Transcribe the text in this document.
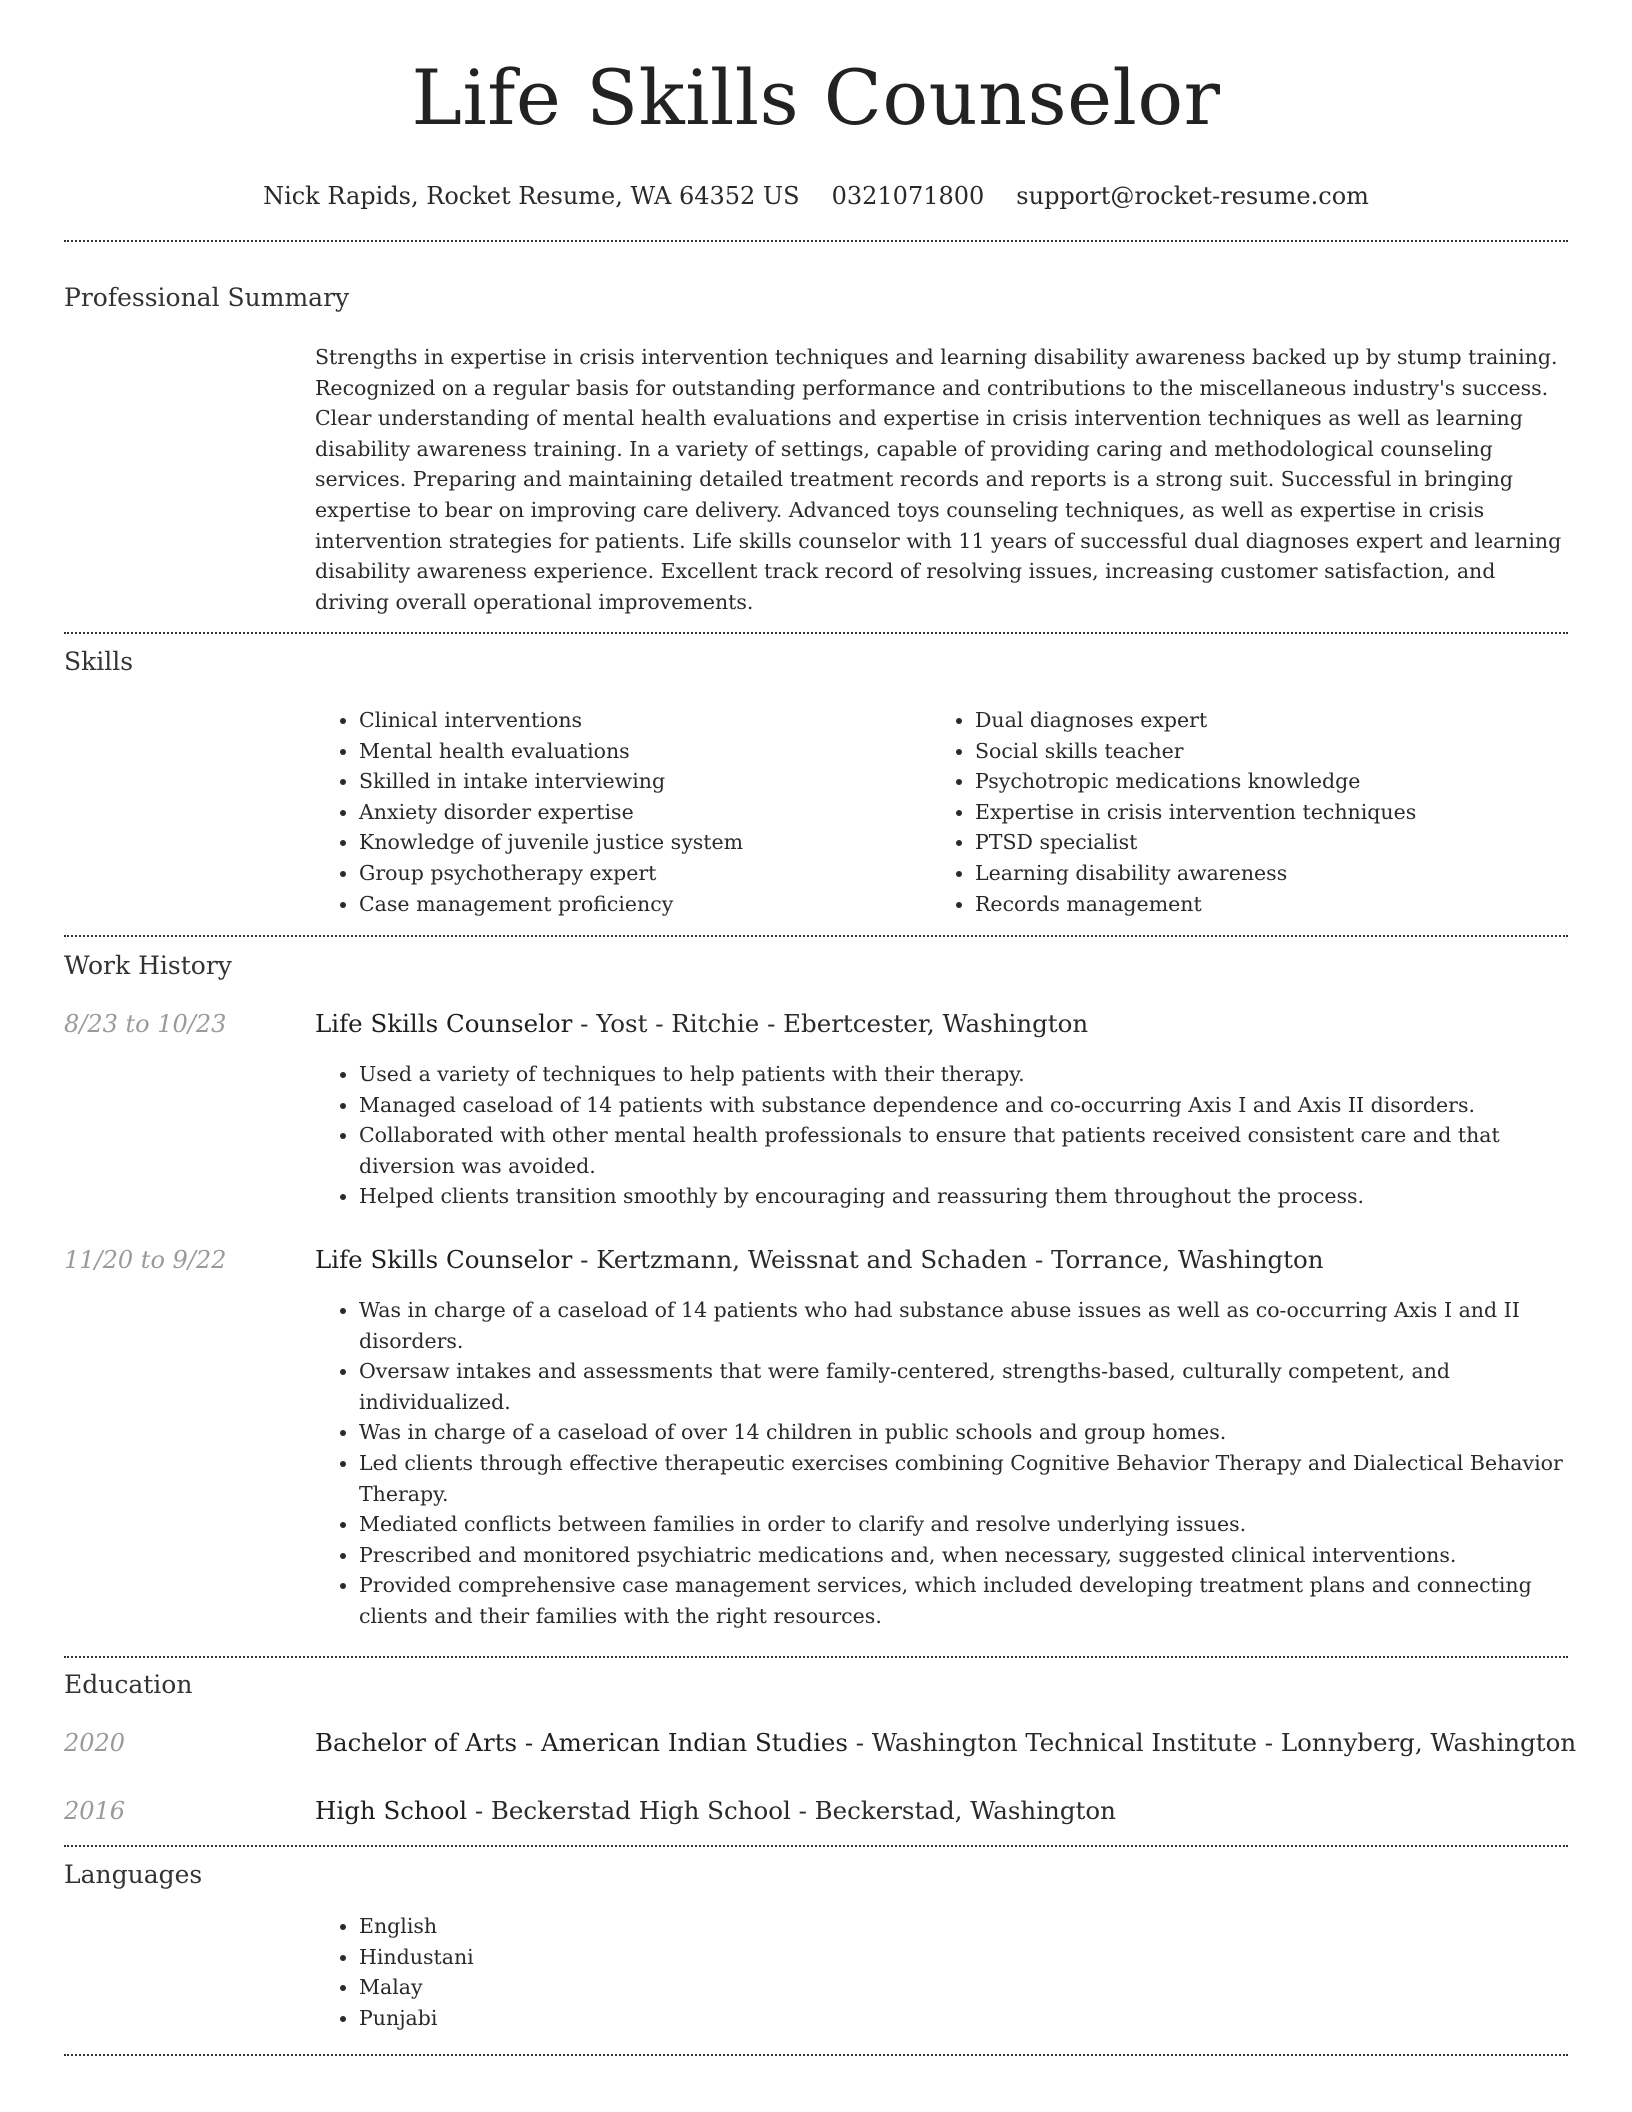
Life Skills Counselor
Nick Rapids, Rocket Resume, WA 64352 US 0321071800 support@rocket-resume.com
Professional Summary
Strengths in expertise in crisis intervention techniques and learning disability awareness backed up by stump training. Recognized on a regular basis for outstanding performance and contributions to the miscellaneous industry's success. Clear understanding of mental health evaluations and expertise in crisis intervention techniques as well as learning disability awareness training. In a variety of settings, capable of providing caring and methodological counseling services. Preparing and maintaining detailed treatment records and reports is a strong suit. Successful in bringing expertise to bear on improving care delivery. Advanced toys counseling techniques, as well as expertise in crisis intervention strategies for patients. Life skills counselor with 11 years of successful dual diagnoses expert and learning disability awareness experience. Excellent track record of resolving issues, increasing customer satisfaction, and driving overall operational improvements.
Skills
• Clinical interventions
• Mental health evaluations
• Skilled in intake interviewing
• Anxiety disorder expertise
• Knowledge of juvenile justice system
• Group psychotherapy expert
• Case management proficiency
• Dual diagnoses expert
• Social skills teacher
• Psychotropic medications knowledge
• Expertise in crisis intervention techniques
• PTSD specialist
• Learning disability awareness
• Records management
Work History
8/23 to 10/23	Life Skills Counselor - Yost - Ritchie - Ebertcester, Washington
• Used a variety of techniques to help patients with their therapy.
• Managed caseload of 14 patients with substance dependence and co-occurring Axis I and Axis II disorders.
• Collaborated with other mental health professionals to ensure that patients received consistent care and that diversion was avoided.
• Helped clients transition smoothly by encouraging and reassuring them throughout the process.
11/20 to 9/22	Life Skills Counselor - Kertzmann, Weissnat and Schaden - Torrance, Washington
• Was in charge of a caseload of 14 patients who had substance abuse issues as well as co-occurring Axis I and II disorders.
• Oversaw intakes and assessments that were family-centered, strengths-based, culturally competent, and individualized.
• Was in charge of a caseload of over 14 children in public schools and group homes.
• Led clients through effective therapeutic exercises combining Cognitive Behavior Therapy and Dialectical Behavior Therapy.
• Mediated conflicts between families in order to clarify and resolve underlying issues.
• Prescribed and monitored psychiatric medications and, when necessary, suggested clinical interventions.
• Provided comprehensive case management services, which included developing treatment plans and connecting clients and their families with the right resources.
Education
2020	Bachelor of Arts - American Indian Studies - Washington Technical Institute - Lonnyberg, Washington
2016	High School - Beckerstad High School - Beckerstad, Washington
Languages
• English
• Hindustani
• Malay
• Punjabi
